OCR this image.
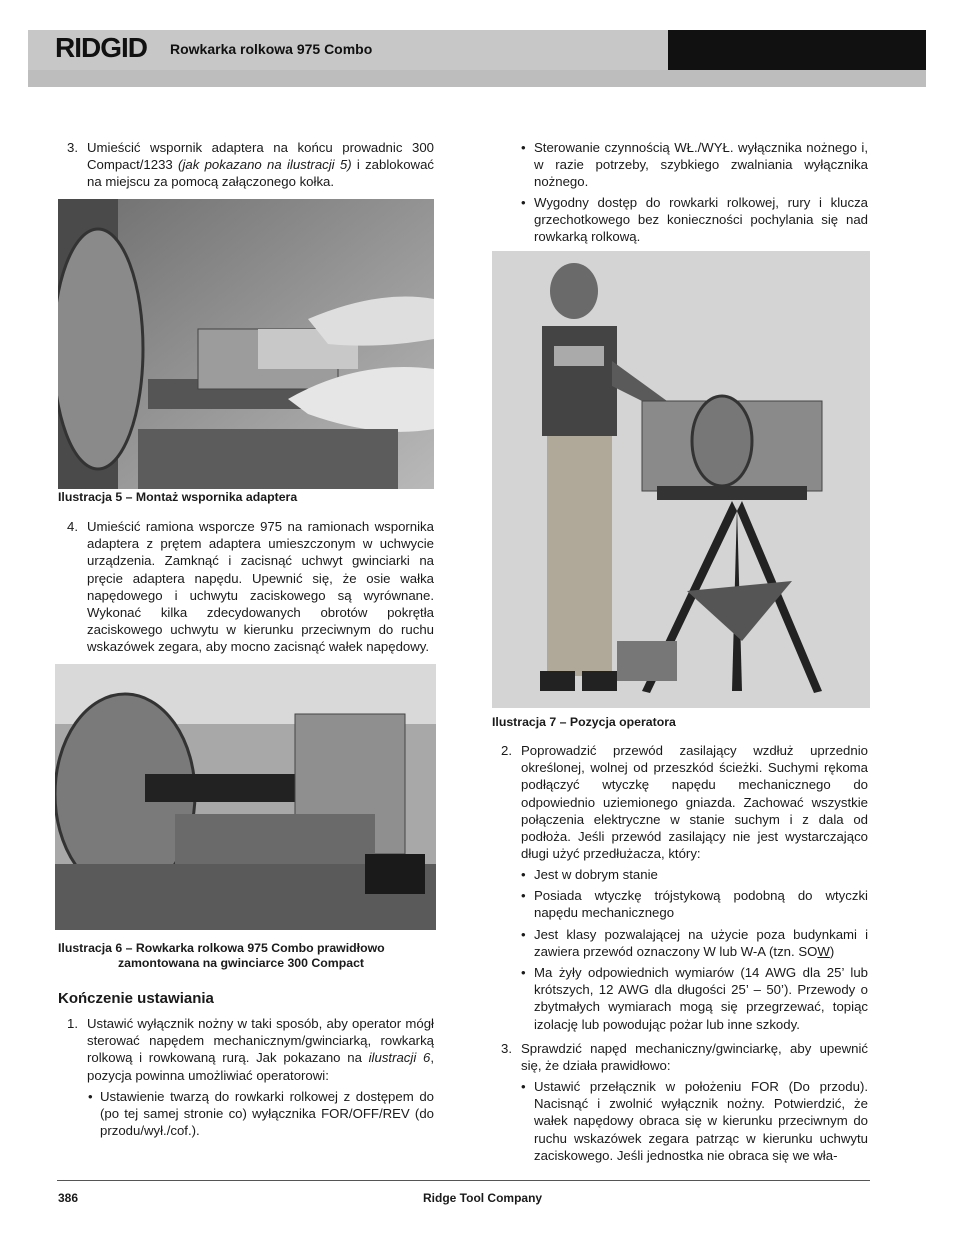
RIDGID Rowkarka rolkowa 975 Combo
3. Umieścić wspornik adaptera na końcu prowadnic 300 Compact/1233 (jak pokazano na ilustracji 5) i zablokować na miejscu za pomocą załączonego kołka.
Ilustracja 5 – Montaż wspornika adaptera
4. Umieścić ramiona wsporcze 975 na ramionach wspornika adaptera z prętem adaptera umieszczonym w uchwycie urządzenia. Zamknąć i zacisnąć uchwyt gwinciarki na pręcie adaptera napędu. Upewnić się, że osie wałka napędowego i uchwytu zaciskowego są wyrównane. Wykonać kilka zdecydowanych obrotów pokrętła zaciskowego uchwytu w kierunku przeciwnym do ruchu wskazówek zegara, aby mocno zacisnąć wałek napędowy.
Ilustracja 6 – Rowkarka rolkowa 975 Combo prawidłowo
zamontowana na gwinciarce 300 Compact
Kończenie ustawiania
1. Ustawić wyłącznik nożny w taki sposób, aby operator mógł sterować napędem mechanicznym/gwinciarką, rowkarką rolkową i rowkowaną rurą. Jak pokazano na ilustracji 6, pozycja powinna umożliwiać operatorowi:
• Ustawienie twarzą do rowkarki rolkowej z dostępem do (po tej samej stronie co) wyłącznika FOR/OFF/REV (do przodu/wył./cof.).
• Sterowanie czynnością WŁ./WYŁ. wyłącznika nożnego i, w razie potrzeby, szybkiego zwalniania wyłącznika nożnego.
• Wygodny dostęp do rowkarki rolkowej, rury i klucza grzechotkowego bez konieczności pochylania się nad rowkarką rolkową.
Ilustracja 7 – Pozycja operatora
2. Poprowadzić przewód zasilający wzdłuż uprzednio określonej, wolnej od przeszkód ścieżki. Suchymi rękoma podłączyć wtyczkę napędu mechanicznego do odpowiednio uziemionego gniazda. Zachować wszystkie połączenia elektryczne w stanie suchym i z dala od podłoża. Jeśli przewód zasilający nie jest wystarczająco długi użyć przedłużacza, który:
• Jest w dobrym stanie
• Posiada wtyczkę trójstykową podobną do wtyczki napędu mechanicznego
• Jest klasy pozwalającej na użycie poza budynkami i zawiera przewód oznaczony W lub W-A (tzn. SOW)
• Ma żyły odpowiednich wymiarów (14 AWG dla 25’ lub krótszych, 12 AWG dla długości 25’ – 50’). Przewody o zbytmałych wymiarach mogą się przegrzewać, topiąc izolację lub powodując pożar lub inne szkody.
3. Sprawdzić napęd mechaniczny/gwinciarkę, aby upewnić się, że działa prawidłowo:
• Ustawić przełącznik w położeniu FOR (Do przodu). Nacisnąć i zwolnić wyłącznik nożny. Potwierdzić, że wałek napędowy obraca się w kierunku przeciwnym do ruchu wskazówek zegara patrząc w kierunku uchwytu zaciskowego. Jeśli jednostka nie obraca się we wła-
386	Ridge Tool Company
